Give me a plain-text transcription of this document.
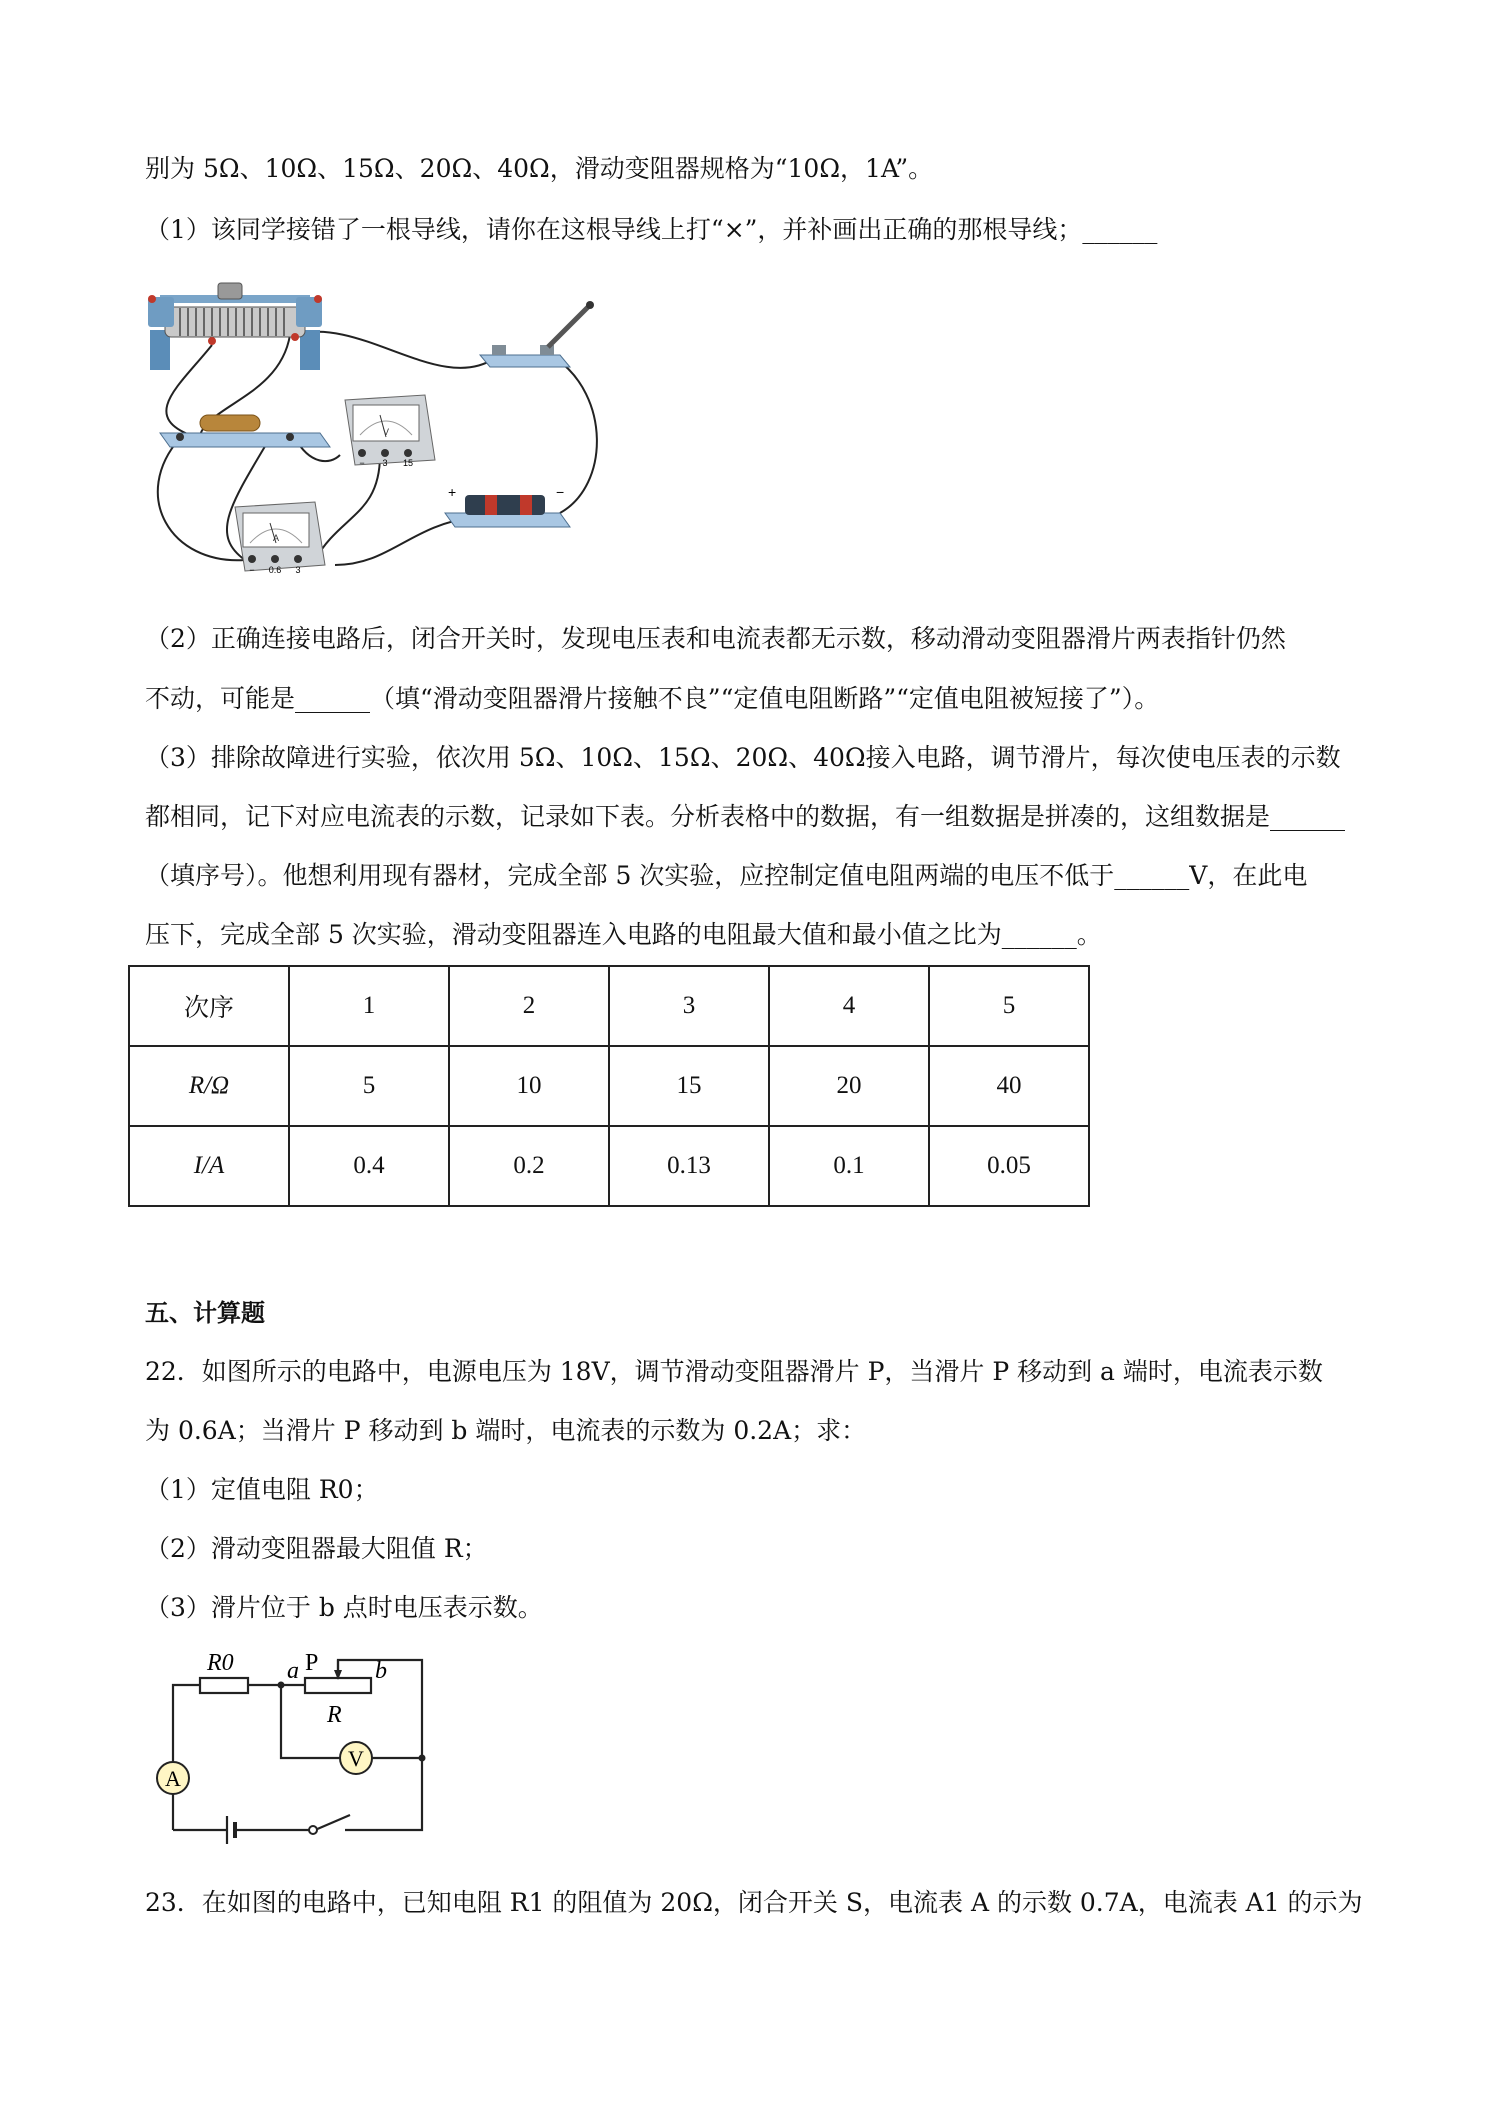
别为 5Ω、10Ω、15Ω、20Ω、40Ω，滑动变阻器规格为“10Ω，1A”。
（1）该同学接错了一根导线，请你在这根导线上打“×”，并补画出正确的那根导线；______
V
− 3 15
A
− 0.6 3
+	−
（2）正确连接电路后，闭合开关时，发现电压表和电流表都无示数，移动滑动变阻器滑片两表指针仍然
不动，可能是______（填“滑动变阻器滑片接触不良”“定值电阻断路”“定值电阻被短接了”）。
（3）排除故障进行实验，依次用 5Ω、10Ω、15Ω、20Ω、40Ω接入电路，调节滑片，每次使电压表的示数
都相同，记下对应电流表的示数，记录如下表。分析表格中的数据，有一组数据是拼凑的，这组数据是______
（填序号）。他想利用现有器材，完成全部 5 次实验，应控制定值电阻两端的电压不低于______V，在此电
压下，完成全部 5 次实验，滑动变阻器连入电路的电阻最大值和最小值之比为______。
次序	1	2	3	4	5
R/Ω	5	10	15	20	40
I/A	0.4	0.2	0.13	0.1	0.05
五、计算题
22．如图所示的电路中，电源电压为 18V，调节滑动变阻器滑片 P，当滑片 P 移动到 a 端时，电流表示数
为 0.6A；当滑片 P 移动到 b 端时，电流表的示数为 0.2A；求：
（1）定值电阻 R0；
（2）滑动变阻器最大阻值 R；
（3）滑片位于 b 点时电压表示数。
A
V
R0 a P b
R
23．在如图的电路中，已知电阻 R1 的阻值为 20Ω，闭合开关 S，电流表 A 的示数 0.7A，电流表 A1 的示为
